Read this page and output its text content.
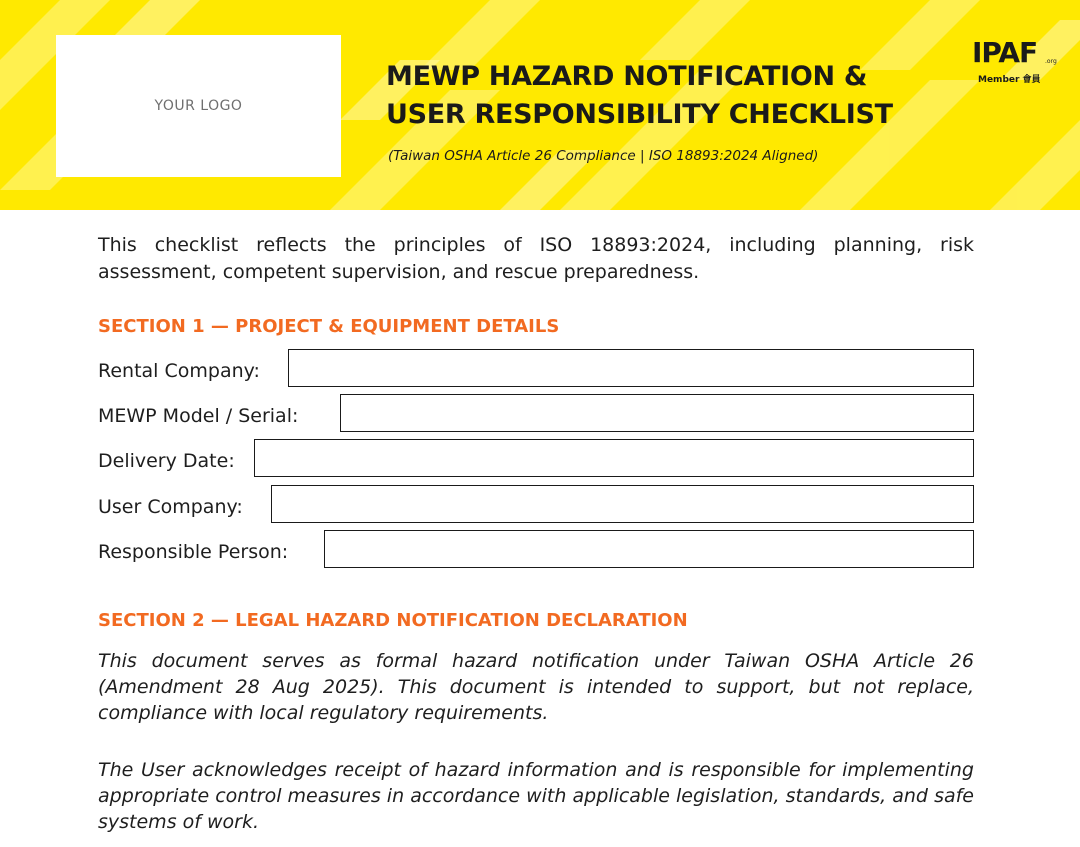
YOUR LOGO
MEWP HAZARD NOTIFICATION &
USER RESPONSIBILITY CHECKLIST
(Taiwan OSHA Article 26 Compliance | ISO 18893:2024 Aligned)
IPAF .org
Member 會員

This checklist reflects the principles of ISO 18893:2024, including planning, risk assessment, competent supervision, and rescue preparedness.

SECTION 1 — PROJECT & EQUIPMENT DETAILS
Rental Company:
MEWP Model / Serial:
Delivery Date:
User Company:
Responsible Person:
SECTION 2 — LEGAL HAZARD NOTIFICATION DECLARATION

This document serves as formal hazard notification under Taiwan OSHA Article 26 (Amendment 28 Aug 2025). This document is intended to support, but not replace, compliance with local regulatory requirements.

The User acknowledges receipt of hazard information and is responsible for implementing appropriate control measures in accordance with applicable legislation, standards, and safe systems of work.
